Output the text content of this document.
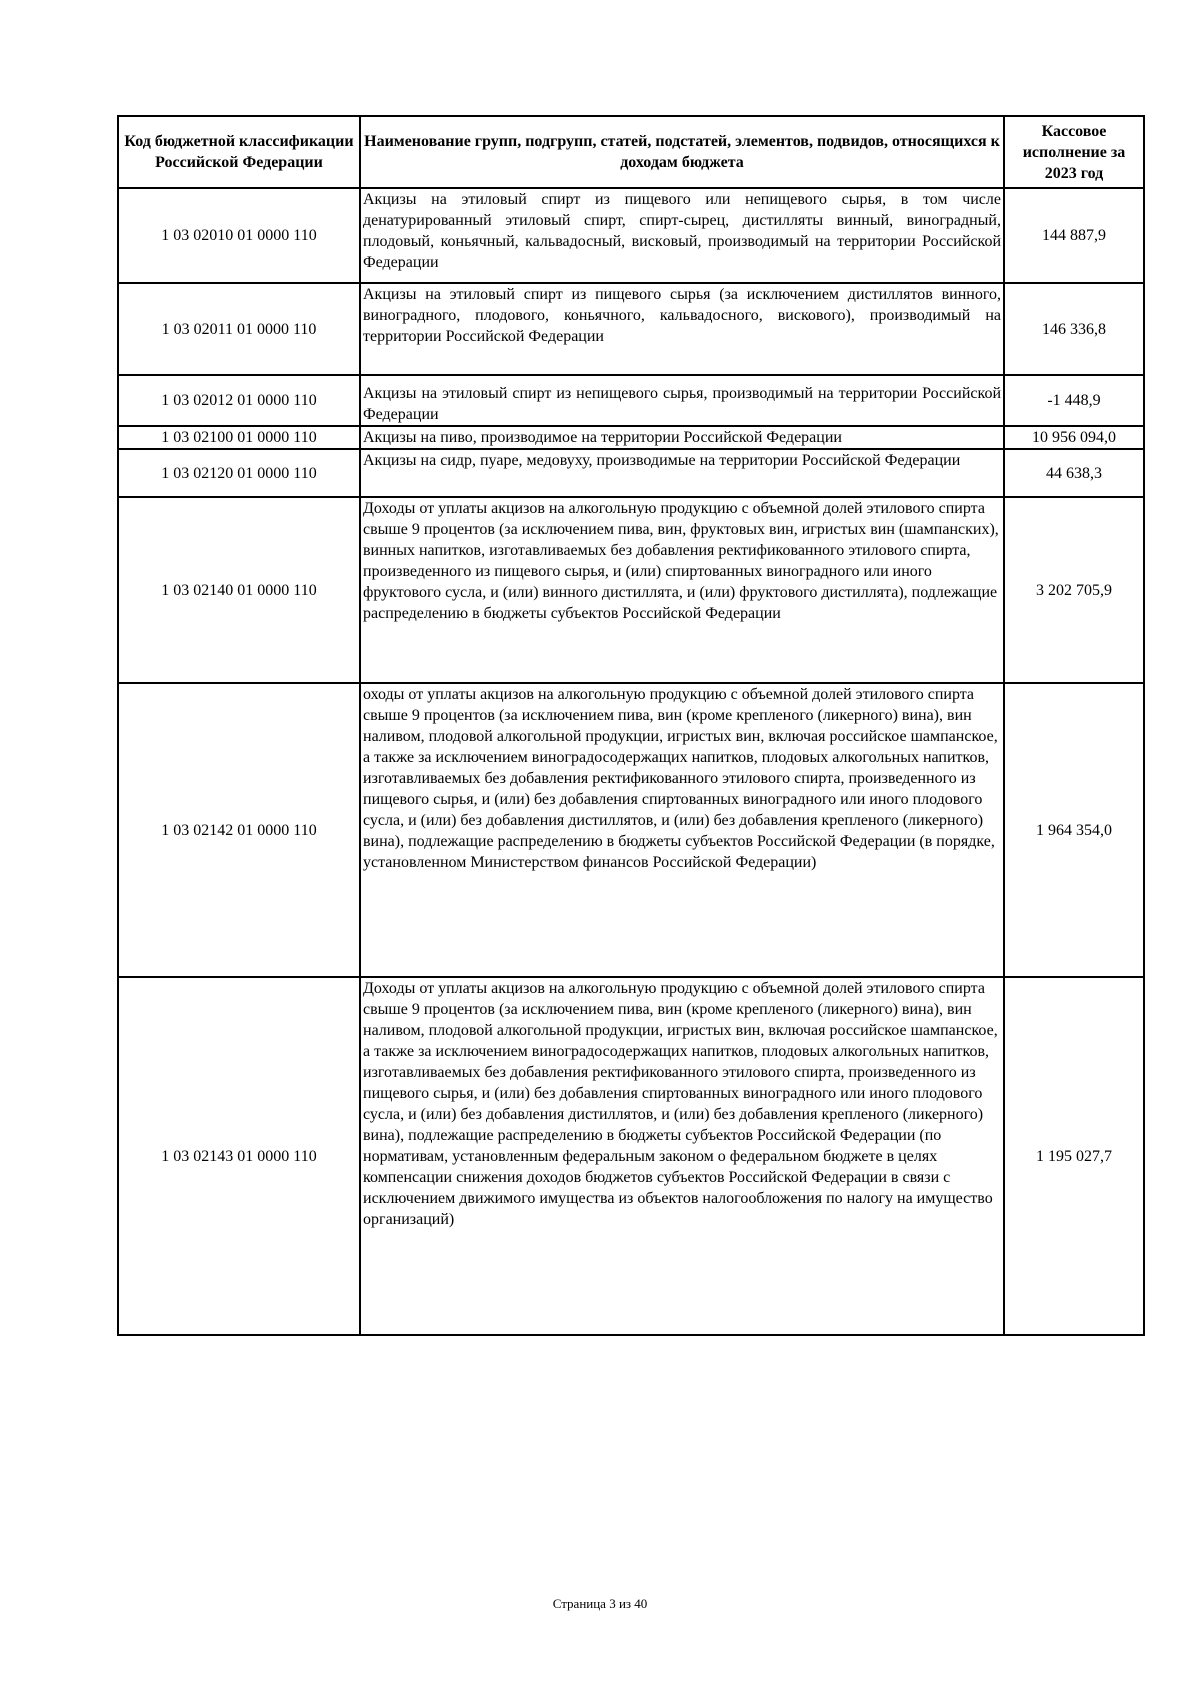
Код бюджетной классификации Российской Федерации	Наименование групп, подгрупп, статей, подстатей, элементов, подвидов, относящихся к доходам бюджета	Кассовое исполнение за 2023 год
1 03 02010 01 0000 110	Акцизы на этиловый спирт из пищевого или непищевого сырья, в том числе денатурированный этиловый спирт, спирт-сырец, дистилляты винный, виноградный, плодовый, коньячный, кальвадосный, вискoвый, производимый на территории Российской Федерации	144 887,9
1 03 02011 01 0000 110	Акцизы на этиловый спирт из пищевого сырья (за исключением дистиллятов винного, виноградного, плодового, коньячного, кальвадосного, вискового), производимый на территории Российской Федерации	146 336,8
1 03 02012 01 0000 110	Акцизы на этиловый спирт из непищевого сырья, производимый на территории Российской Федерации	-1 448,9
1 03 02100 01 0000 110	Акцизы на пиво, производимое на территории Российской Федерации	10 956 094,0
1 03 02120 01 0000 110	Акцизы на сидр, пуаре, медовуху, производимые на территории Российской Федерации	44 638,3
1 03 02140 01 0000 110	Доходы от уплаты акцизов на алкогольную продукцию с объемной долей этилового спирта свыше 9 процентов (за исключением пива, вин, фруктовых вин, игристых вин (шампанских), винных напитков, изготавливаемых без добавления ректификованного этилового спирта, произведенного из пищевого сырья, и (или) спиртованных виноградного или иного фруктового сусла, и (или) винного дистиллята, и (или) фруктового дистиллята), подлежащие распределению в бюджеты субъектов Российской Федерации	3 202 705,9
1 03 02142 01 0000 110	оходы от уплаты акцизов на алкогольную продукцию с объемной долей этилового спирта свыше 9 процентов (за исключением пива, вин (кроме крепленого (ликерного) вина), вин наливом, плодовой алкогольной продукции, игристых вин, включая российское шампанское, а также за исключением виноградосодержащих напитков, плодовых алкогольных напитков, изготавливаемых без добавления ректификованного этилового спирта, произведенного из пищевого сырья, и (или) без добавления спиртованных виноградного или иного плодового сусла, и (или) без добавления дистиллятов, и (или) без добавления крепленого (ликерного) вина), подлежащие распределению в бюджеты субъектов Российской Федерации (в порядке, установленном Министерством финансов Российской Федерации)	1 964 354,0
1 03 02143 01 0000 110	Доходы от уплаты акцизов на алкогольную продукцию с объемной долей этилового спирта свыше 9 процентов (за исключением пива, вин (кроме крепленого (ликерного) вина), вин наливом, плодовой алкогольной продукции, игристых вин, включая российское шампанское, а также за исключением виноградосодержащих напитков, плодовых алкогольных напитков, изготавливаемых без добавления ректификованного этилового спирта, произведенного из пищевого сырья, и (или) без добавления спиртованных виноградного или иного плодового сусла, и (или) без добавления дистиллятов, и (или) без добавления крепленого (ликерного) вина), подлежащие распределению в бюджеты субъектов Российской Федерации (по нормативам, установленным федеральным законом о федеральном бюджете в целях компенсации снижения доходов бюджетов субъектов Российской Федерации в связи с исключением движимого имущества из объектов налогообложения по налогу на имущество организаций)	1 195 027,7
Страница 3 из 40
